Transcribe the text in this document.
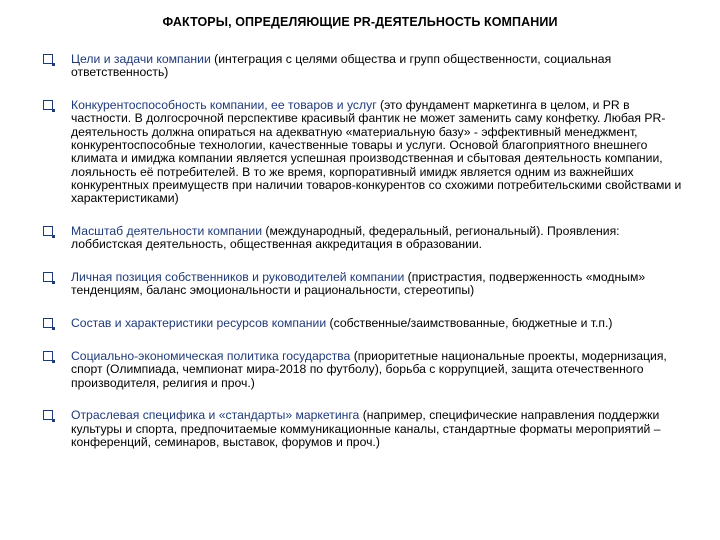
ФАКТОРЫ, ОПРЕДЕЛЯЮЩИЕ PR-ДЕЯТЕЛЬНОСТЬ КОМПАНИИ
Цели и задачи компании (интеграция с целями общества и групп общественности, социальная ответственность)
Конкурентоспособность компании, ее товаров и услуг (это фундамент маркетинга в целом, и PR в частности. В долгосрочной перспективе красивый фантик не может заменить саму конфетку. Любая PR-деятельность должна опираться на адекватную «материальную базу» - эффективный менеджмент, конкурентоспособные технологии, качественные товары и услуги. Основой благоприятного внешнего климата и имиджа компании является успешная производственная и сбытовая деятельность компании, лояльность её потребителей. В то же время, корпоративный имидж является одним из важнейших конкурентных преимуществ при наличии товаров-конкурентов со схожими потребительскими свойствами и характеристиками)
Масштаб деятельности компании (международный, федеральный, региональный). Проявления: лоббистская деятельность, общественная аккредитация в образовании.
Личная позиция собственников и руководителей компании (пристрастия, подверженность «модным» тенденциям, баланс эмоциональности и рациональности, стереотипы)
Состав и характеристики ресурсов компании (собственные/заимствованные, бюджетные и т.п.)
Социально-экономическая политика государства (приоритетные национальные проекты, модернизация, спорт (Олимпиада, чемпионат мира-2018 по футболу), борьба с коррупцией, защита отечественного производителя, религия и проч.)
Отраслевая специфика и «стандарты» маркетинга (например, специфические направления поддержки культуры и спорта, предпочитаемые коммуникационные каналы, стандартные форматы мероприятий – конференций, семинаров, выставок, форумов и проч.)
